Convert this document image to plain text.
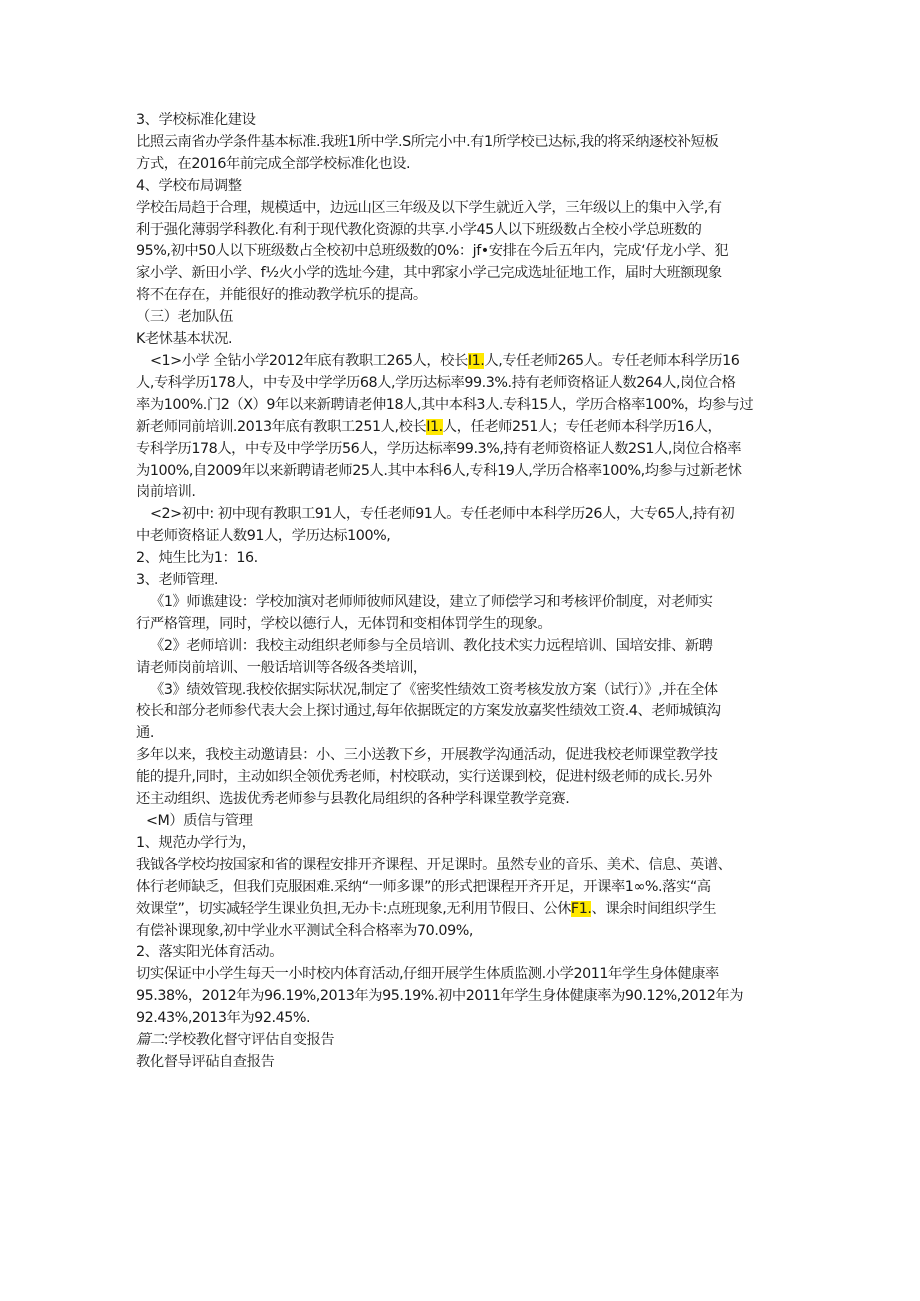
3、学校标准化建设
比照云南省办学条件基本标准.我班1所中学.S所完小中.有1所学校已达标,我的将采纳逐校补短板
方式，在2016年前完成全部学校标准化也设.
4、学校布局调整
学校缶局趋于合理，规模适中，边远山区三年级及以下学生就近入学，三年级以上的集中入学,有
利于强化薄弱学科教化.有利于现代教化资源的共享.小学45人以下班级数占全校小学总班数的
95%,初中50人以下班级数占全校初中总班级数的0%：jf•安排在今后五年内，完成‘仔龙小学、犯
家小学、新田小学、f½火小学的选址今建，其中郛家小学己完成选址征地工作，届时大班额现象
将不在存在，并能很好的推动教学杭乐的提高。
（三）老加队伍
K老怵基本状况.
<1>小学 全钻小学2012年底有教职工265人，校长I1.人,专任老师265人。专任老师本科学历16
人,专科学历178人，中专及中学学历68人,学历达标率99.3%.持有老师资格证人数264人,岗位合格
率为100%.门2（X）9年以来新聘请老伸18人,其中本科3人.专科15人，学历合格率100%，均参与过
新老师同前培训.2013年底有教职工251人,校长I1.人，任老师251人；专任老师本科学历16人，
专科学历178人，中专及中学学历56人，学历达标率99.3%,持有老师资格证人数2S1人,岗位合格率
为100%,自2009年以来新聘请老师25人.其中本科6人,专科19人,学历合格率100%,均参与过新老怵
岗前培训.
<2>初中: 初中现有教职工91人，专任老师91人。专任老师中本科学历26人，大专65人,持有初
中老师资格证人数91人，学历达标100%,
2、炖生比为1：16.
3、老师管理.
《1》师谯建设：学校加演对老师师彼师风建设，建立了师偿学习和考核评价制度，对老师实
行严格管理，同时，学校以德行人，无体罚和变相体罚学生的现象。
《2》老师培训：我校主动组织老师参与全员培训、教化技术实力远程培训、国培安排、新聘
请老师岗前培训、一般话培训等各级各类培训，
《3》绩效管现.我校依据实际状况,制定了《密奖性绩效工资考核发放方案（试行）》,并在全体
校长和部分老师参代表大会上探讨通过,每年依据既定的方案发放嘉奖性绩效工资.4、老师城镇沟
通.
多年以来，我校主动邀请县：小、三小送教下乡，开展教学沟通活动，促进我校老师课堂教学技
能的提升,同时，主动如织全领优秀老师，村校联动，实行送课到校，促进村级老师的成长.另外
还主动组织、选拔优秀老师参与县教化局组织的各种学科课堂教学竞赛.
<M）质信与管理
1、规范办学行为，
我钺各学校均按国家和省的课程安排开齐课程、开足课时。虽然专业的音乐、美术、信息、英谱、
体行老师缺乏，但我们克服困难.采纳“一师多课”的形式把课程开齐开足，开课率1∞%.落实“高
效课堂”，切实减轻学生课业负担,无办卡:点班现象,无利用节假日、公休F1.、课余时间组织学生
有偿补课现象,初中学业水平测试全科合格率为70.09%,
2、落实阳光体育活动。
切实保证中小学生每天一小时校内体育活动,仔细开展学生体质监测.小学2011年学生身体健康率
95.38%，2012年为96.19%,2013年为95.19%.初中2011年学生身体健康率为90.12%,2012年为
92.43%,2013年为92.45%.
篇二:学校教化督守评估自变报告
教化督导评砧自查报告
